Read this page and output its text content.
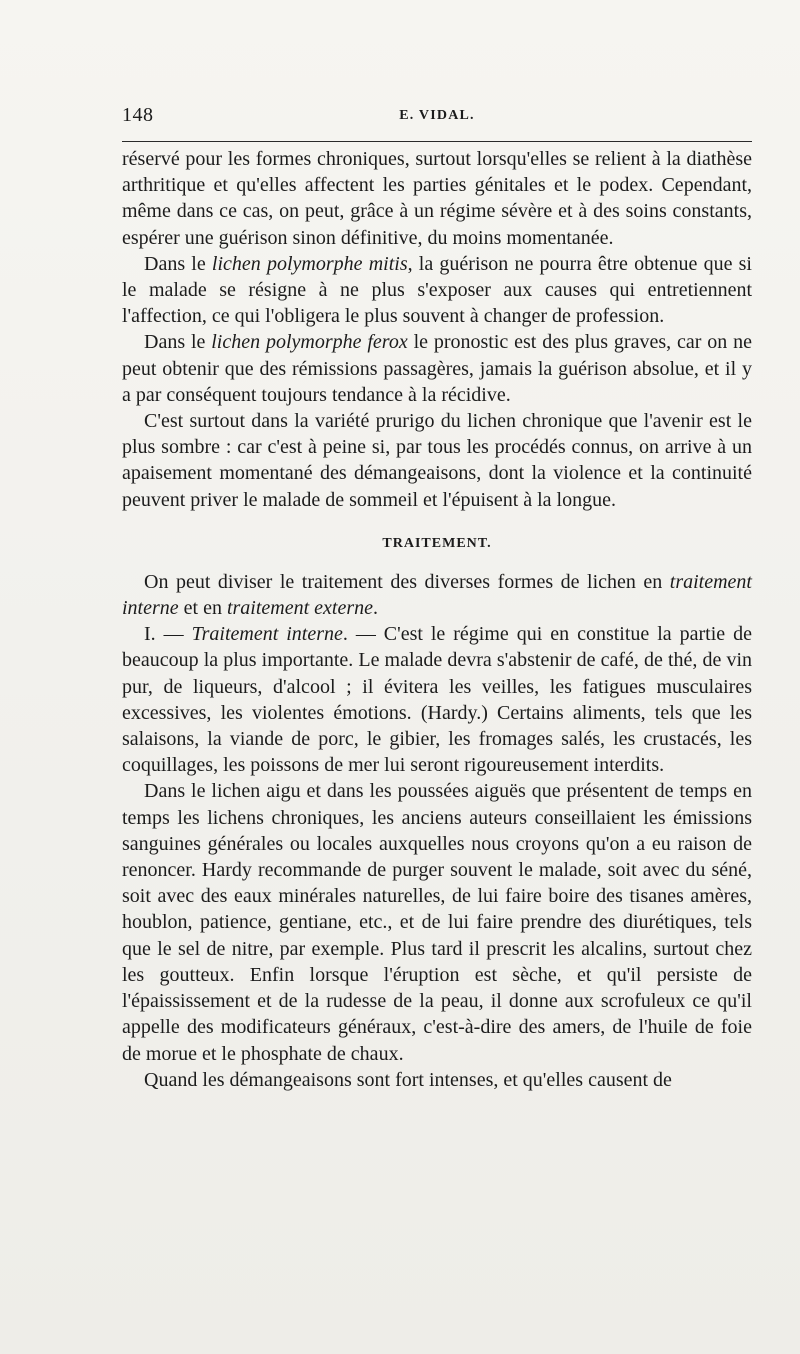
148	E. VIDAL.

réservé pour les formes chroniques, surtout lorsqu'elles se relient à la diathèse arthritique et qu'elles affectent les parties génitales et le podex. Cependant, même dans ce cas, on peut, grâce à un régime sévère et à des soins constants, espérer une guérison sinon définitive, du moins momentanée.

Dans le lichen polymorphe mitis, la guérison ne pourra être obtenue que si le malade se résigne à ne plus s'exposer aux causes qui entretiennent l'affection, ce qui l'obligera le plus souvent à changer de profession.

Dans le lichen polymorphe ferox le pronostic est des plus graves, car on ne peut obtenir que des rémissions passagères, jamais la guérison absolue, et il y a par conséquent toujours tendance à la récidive.

C'est surtout dans la variété prurigo du lichen chronique que l'avenir est le plus sombre : car c'est à peine si, par tous les procédés connus, on arrive à un apaisement momentané des démangeaisons, dont la violence et la continuité peuvent priver le malade de sommeil et l'épuisent à la longue.

TRAITEMENT.

On peut diviser le traitement des diverses formes de lichen en traitement interne et en traitement externe.

I. — Traitement interne. — C'est le régime qui en constitue la partie de beaucoup la plus importante. Le malade devra s'abstenir de café, de thé, de vin pur, de liqueurs, d'alcool ; il évitera les veilles, les fatigues musculaires excessives, les violentes émotions. (Hardy.) Certains aliments, tels que les salaisons, la viande de porc, le gibier, les fromages salés, les crustacés, les coquillages, les poissons de mer lui seront rigoureusement interdits.

Dans le lichen aigu et dans les poussées aiguës que présentent de temps en temps les lichens chroniques, les anciens auteurs conseillaient les émissions sanguines générales ou locales auxquelles nous croyons qu'on a eu raison de renoncer. Hardy recommande de purger souvent le malade, soit avec du séné, soit avec des eaux minérales naturelles, de lui faire boire des tisanes amères, houblon, patience, gentiane, etc., et de lui faire prendre des diurétiques, tels que le sel de nitre, par exemple. Plus tard il prescrit les alcalins, surtout chez les goutteux. Enfin lorsque l'éruption est sèche, et qu'il persiste de l'épaississement et de la rudesse de la peau, il donne aux scrofuleux ce qu'il appelle des modificateurs généraux, c'est-à-dire des amers, de l'huile de foie de morue et le phosphate de chaux.

Quand les démangeaisons sont fort intenses, et qu'elles causent de
